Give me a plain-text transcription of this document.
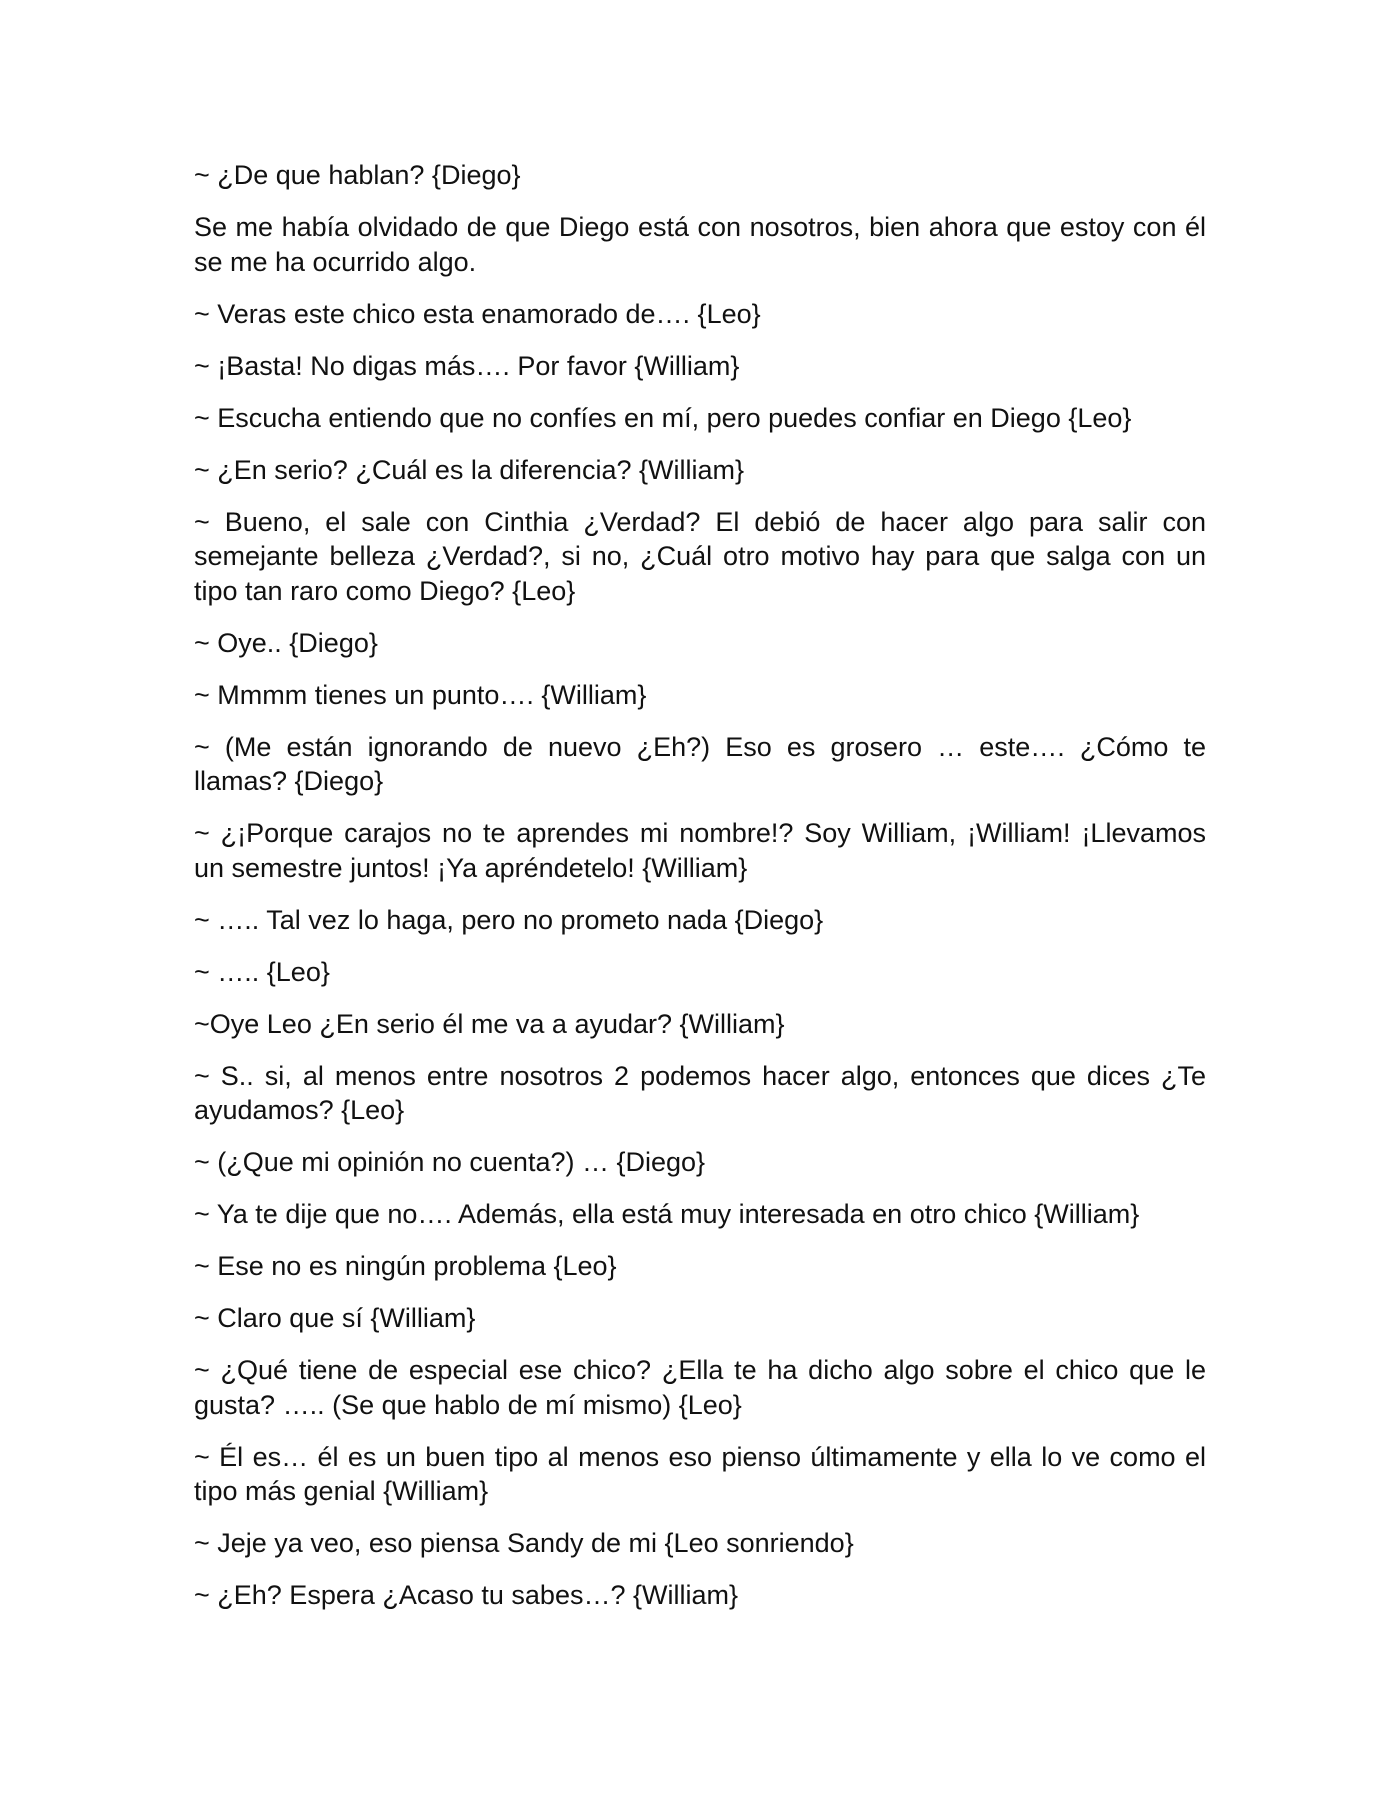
~ ¿De que hablan? {Diego}

Se me había olvidado de que Diego está con nosotros, bien ahora que estoy con él se me ha ocurrido algo.

~ Veras este chico esta enamorado de…. {Leo}

~ ¡Basta! No digas más…. Por favor {William}

~ Escucha entiendo que no confíes en mí, pero puedes confiar en Diego {Leo}

~ ¿En serio? ¿Cuál es la diferencia? {William}

~ Bueno, el sale con Cinthia ¿Verdad? El debió de hacer algo para salir con semejante belleza ¿Verdad?, si no, ¿Cuál otro motivo hay para que salga con un tipo tan raro como Diego? {Leo}

~ Oye.. {Diego}

~ Mmmm tienes un punto…. {William}

~ (Me están ignorando de nuevo ¿Eh?) Eso es grosero … este…. ¿Cómo te llamas? {Diego}

~ ¿¡Porque carajos no te aprendes mi nombre!? Soy William, ¡William! ¡Llevamos un semestre juntos! ¡Ya apréndetelo! {William}

~ ….. Tal vez lo haga, pero no prometo nada {Diego}

~ ….. {Leo}

~Oye Leo ¿En serio él me va a ayudar? {William}

~ S.. si, al menos entre nosotros 2 podemos hacer algo, entonces que dices ¿Te ayudamos? {Leo}

~ (¿Que mi opinión no cuenta?) … {Diego}

~ Ya te dije que no…. Además, ella está muy interesada en otro chico {William}

~ Ese no es ningún problema {Leo}

~ Claro que sí {William}

~ ¿Qué tiene de especial ese chico? ¿Ella te ha dicho algo sobre el chico que le gusta? ….. (Se que hablo de mí mismo) {Leo}

~ Él es… él es un buen tipo al menos eso pienso últimamente y ella lo ve como el tipo más genial {William}

~ Jeje ya veo, eso piensa Sandy de mi {Leo sonriendo}

~ ¿Eh? Espera ¿Acaso tu sabes…? {William}
